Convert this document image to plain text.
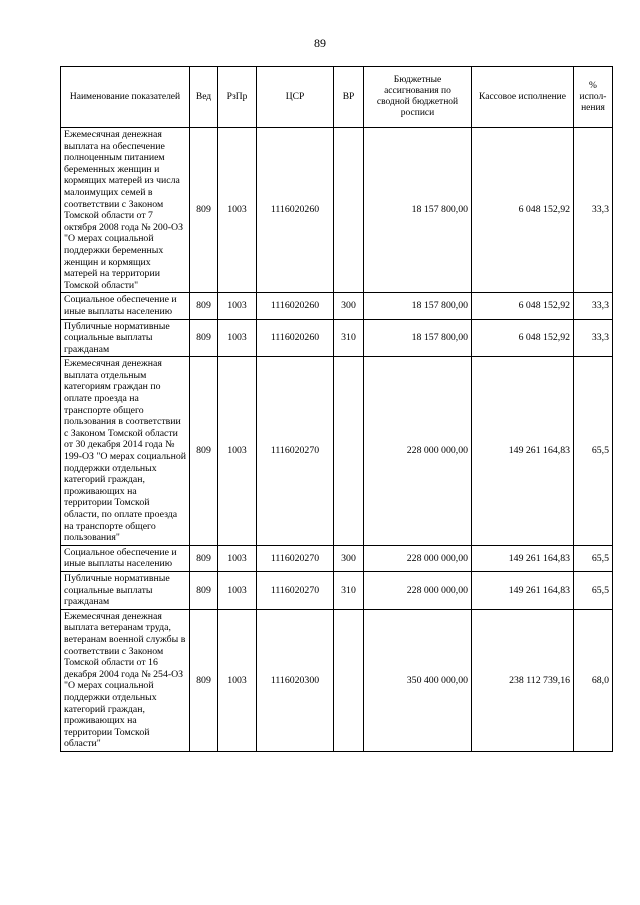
89
Наименование показателей	Вед	РзПр	ЦСР	ВР	Бюджетные ассигнования по сводной бюджетной росписи	Кассовое исполнение	% испол-нения
Ежемесячная денежная выплата на обеспечение полноценным питанием беременных женщин и кормящих матерей из числа малоимущих семей в соответствии с Законом Томской области от 7 октября 2008 года № 200-ОЗ "О мерах социальной поддержки беременных женщин и кормящих матерей на территории Томской области"	809	1003	1116020260		18 157 800,00	6 048 152,92	33,3
Социальное обеспечение и иные выплаты населению	809	1003	1116020260	300	18 157 800,00	6 048 152,92	33,3
Публичные нормативные социальные выплаты гражданам	809	1003	1116020260	310	18 157 800,00	6 048 152,92	33,3
Ежемесячная денежная выплата отдельным категориям граждан по оплате проезда на транспорте общего пользования в соответствии с Законом Томской области от 30 декабря 2014 года № 199-ОЗ "О мерах социальной поддержки отдельных категорий граждан, проживающих на территории Томской области, по оплате проезда на транспорте общего пользования"	809	1003	1116020270		228 000 000,00	149 261 164,83	65,5
Социальное обеспечение и иные выплаты населению	809	1003	1116020270	300	228 000 000,00	149 261 164,83	65,5
Публичные нормативные социальные выплаты гражданам	809	1003	1116020270	310	228 000 000,00	149 261 164,83	65,5
Ежемесячная денежная выплата ветеранам труда, ветеранам военной службы в соответствии с Законом Томской области от 16 декабря 2004 года № 254-ОЗ "О мерах социальной поддержки отдельных категорий граждан, проживающих на территории Томской области"	809	1003	1116020300		350 400 000,00	238 112 739,16	68,0
